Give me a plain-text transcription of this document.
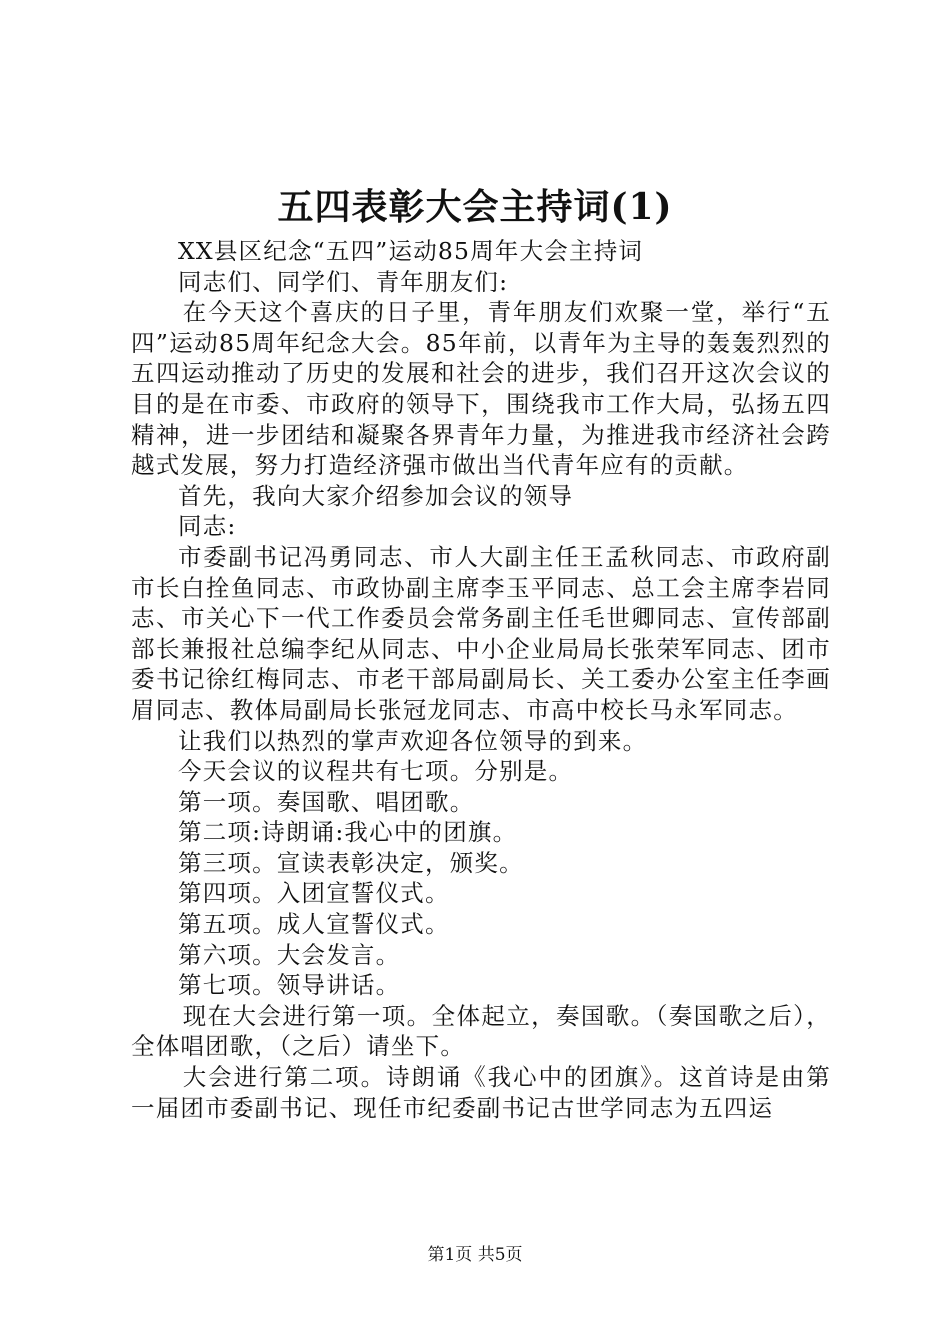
五四表彰大会主持词(1)

XX县区纪念“五四”运动85周年大会主持词

同志们、同学们、青年朋友们:

在今天这个喜庆的日子里，青年朋友们欢聚一堂，举行“五四”运动85周年纪念大会。85年前，以青年为主导的轰轰烈烈的五四运动推动了历史的发展和社会的进步，我们召开这次会议的目的是在市委、市政府的领导下，围绕我市工作大局，弘扬五四精神，进一步团结和凝聚各界青年力量，为推进我市经济社会跨越式发展，努力打造经济强市做出当代青年应有的贡献。

首先，我向大家介绍参加会议的领导

同志:

市委副书记冯勇同志、市人大副主任王孟秋同志、市政府副市长白拴鱼同志、市政协副主席李玉平同志、总工会主席李岩同志、市关心下一代工作委员会常务副主任毛世卿同志、宣传部副部长兼报社总编李纪从同志、中小企业局局长张荣军同志、团市委书记徐红梅同志、市老干部局副局长、关工委办公室主任李画眉同志、教体局副局长张冠龙同志、市高中校长马永军同志。

让我们以热烈的掌声欢迎各位领导的到来。

今天会议的议程共有七项。分别是。

第一项。奏国歌、唱团歌。

第二项:诗朗诵:我心中的团旗。

第三项。宣读表彰决定，颁奖。

第四项。入团宣誓仪式。

第五项。成人宣誓仪式。

第六项。大会发言。

第七项。领导讲话。

现在大会进行第一项。全体起立，奏国歌。（奏国歌之后），全体唱团歌，（之后）请坐下。

大会进行第二项。诗朗诵《我心中的团旗》。这首诗是由第一届团市委副书记、现任市纪委副书记古世学同志为五四运

第1页 共5页
